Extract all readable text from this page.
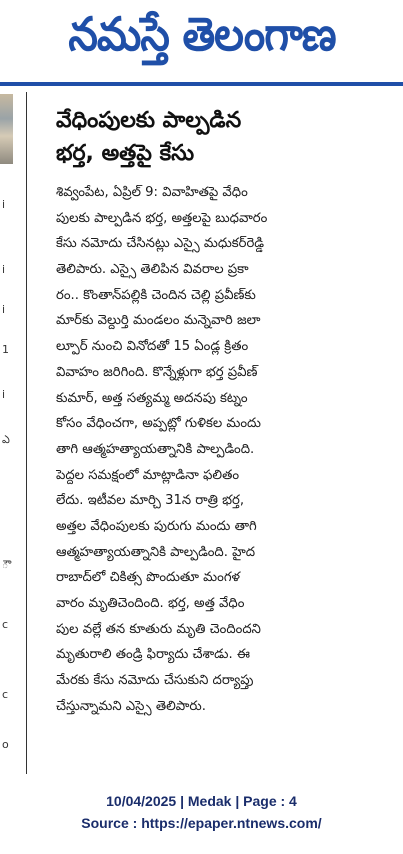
నమస్తే తెలంగాణ
i
i
i
1
i
ఎ
ౌ
c
c
o
వేధింపులకు పాల్పడిన
భర్త, అత్తపై కేసు
శివ్వంపేట, ఏప్రిల్ 9: వివాహితపై వేధిం
పులకు పాల్పడిన భర్త, అత్తలపై బుధవారం
కేసు నమోదు చేసినట్లు ఎస్సై మధుకర్‌రెడ్డి
తెలిపారు. ఎస్సై తెలిపిన వివరాల ప్రకా
రం.. కొంతాన్‌పల్లికి చెందిన చెల్లి ప్రవీణ్‌కు
మార్‌కు వెల్దుర్తి మండలం మన్నెవారి జలా
ల్పూర్ నుంచి వినోదతో 15 ఏండ్ల క్రితం
వివాహం జరిగింది. కొన్నేళ్లుగా భర్త ప్రవీణ్
కుమార్, అత్త సత్యమ్మ అదనపు కట్నం
కోసం వేధించగా, అప్పట్లో గుళికల మందు
తాగి ఆత్మహత్యాయత్నానికి పాల్పడింది.
పెద్దల సమక్షంలో మాట్లాడినా ఫలితం
లేదు. ఇటీవల మార్చి 31న రాత్రి భర్త,
అత్తల వేధింపులకు పురుగు మందు తాగి
ఆత్మహత్యాయత్నానికి పాల్పడింది. హైద
రాబాద్‌లో చికిత్స పొందుతూ మంగళ
వారం మృతిచెందింది. భర్త, అత్త వేధిం
పుల వల్లే తన కూతురు మృతి చెందిందని
మృతురాలి తండ్రి ఫిర్యాదు చేశాడు. ఈ
మేరకు కేసు నమోదు చేసుకుని దర్యాప్తు
చేస్తున్నామని ఎస్సై తెలిపారు.
10/04/2025 | Medak | Page : 4
Source : https://epaper.ntnews.com/
